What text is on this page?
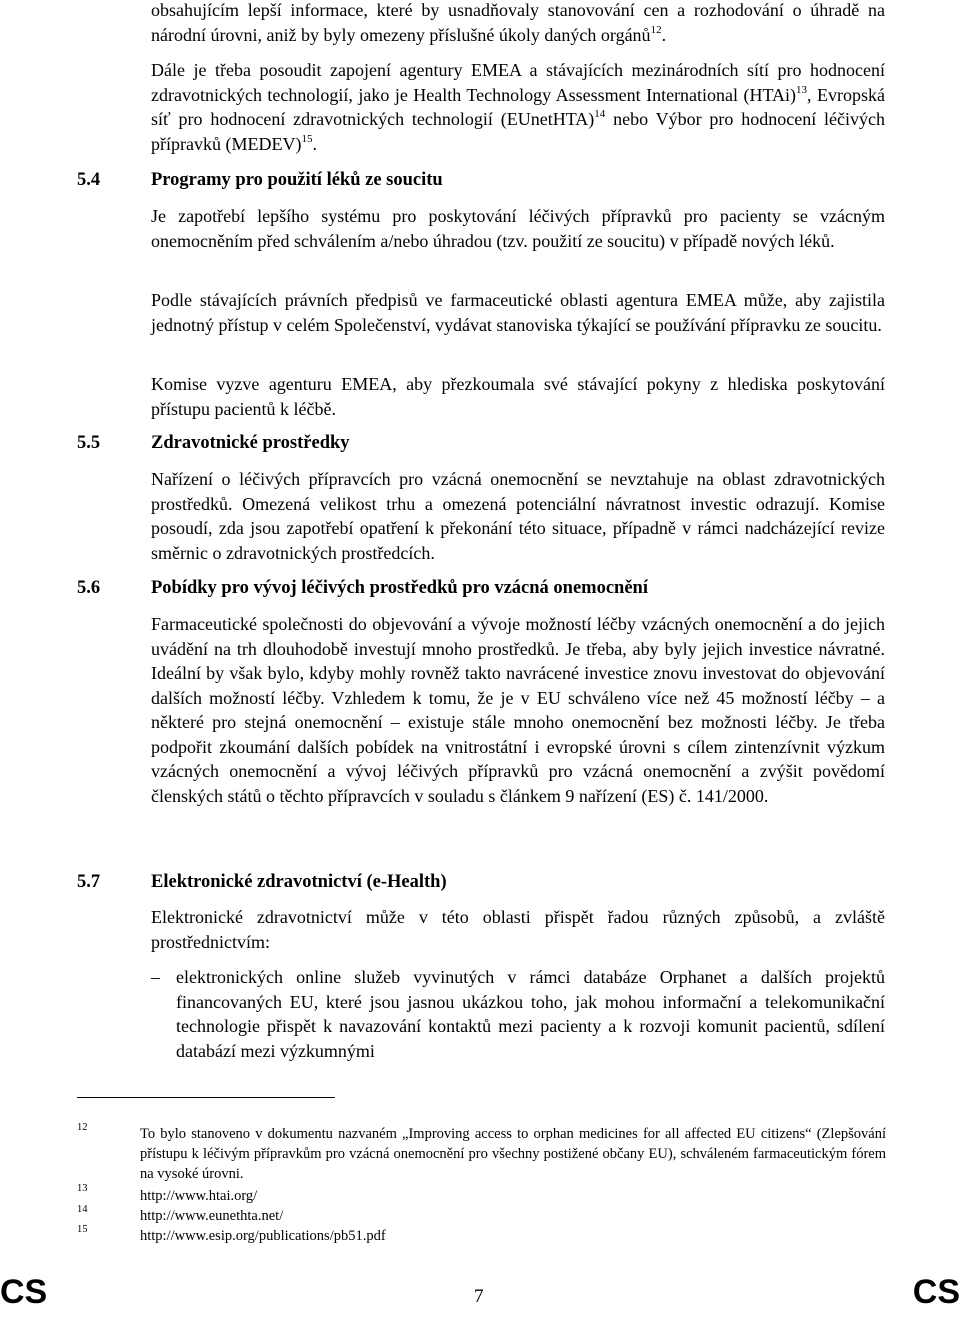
obsahujícím lepší informace, které by usnadňovaly stanovování cen a rozhodování o úhradě na národní úrovni, aniž by byly omezeny příslušné úkoly daných orgánů$^{12}$.

Dále je třeba posoudit zapojení agentury EMEA a stávajících mezinárodních sítí pro hodnocení zdravotnických technologií, jako je Health Technology Assessment International (HTAi)$^{13}$, Evropská síť pro hodnocení zdravotnických technologií (EUnetHTA)$^{14}$ nebo Výbor pro hodnocení léčivých přípravků (MEDEV)$^{15}$.

5.4	Programy pro použití léků ze soucitu

Je zapotřebí lepšího systému pro poskytování léčivých přípravků pro pacienty se vzácným onemocněním před schválením a/nebo úhradou (tzv. použití ze soucitu) v případě nových léků.

Podle stávajících právních předpisů ve farmaceutické oblasti agentura EMEA může, aby zajistila jednotný přístup v celém Společenství, vydávat stanoviska týkající se používání přípravku ze soucitu.

Komise vyzve agenturu EMEA, aby přezkoumala své stávající pokyny z hlediska poskytování přístupu pacientů k léčbě.

5.5	Zdravotnické prostředky

Nařízení o léčivých přípravcích pro vzácná onemocnění se nevztahuje na oblast zdravotnických prostředků. Omezená velikost trhu a omezená potenciální návratnost investic odrazují. Komise posoudí, zda jsou zapotřebí opatření k překonání této situace, případně v rámci nadcházející revize směrnic o zdravotnických prostředcích.

5.6	Pobídky pro vývoj léčivých prostředků pro vzácná onemocnění

Farmaceutické společnosti do objevování a vývoje možností léčby vzácných onemocnění a do jejich uvádění na trh dlouhodobě investují mnoho prostředků. Je třeba, aby byly jejich investice návratné. Ideální by však bylo, kdyby mohly rovněž takto navrácené investice znovu investovat do objevování dalších možností léčby. Vzhledem k tomu, že je v EU schváleno více než 45 možností léčby – a některé pro stejná onemocnění – existuje stále mnoho onemocnění bez možnosti léčby. Je třeba podpořit zkoumání dalších pobídek na vnitrostátní i evropské úrovni s cílem zintenzívnit výzkum vzácných onemocnění a vývoj léčivých přípravků pro vzácná onemocnění a zvýšit povědomí členských států o těchto přípravcích v souladu s článkem 9 nařízení (ES) č. 141/2000.

5.7	Elektronické zdravotnictví (e-Health)

Elektronické zdravotnictví může v této oblasti přispět řadou různých způsobů, a zvláště prostřednictvím:

– elektronických online služeb vyvinutých v rámci databáze Orphanet a dalších projektů financovaných EU, které jsou jasnou ukázkou toho, jak mohou informační a telekomunikační technologie přispět k navazování kontaktů mezi pacienty a k rozvoji komunit pacientů, sdílení databází mezi výzkumnými
12	To bylo stanoveno v dokumentu nazvaném „Improving access to orphan medicines for all affected EU citizens“ (Zlepšování přístupu k léčivým přípravkům pro vzácná onemocnění pro všechny postižené občany EU), schváleném farmaceutickým fórem na vysoké úrovni.
13	http://www.htai.org/
14	http://www.eunethta.net/
15	http://www.esip.org/publications/pb51.pdf
CS	7	CS
